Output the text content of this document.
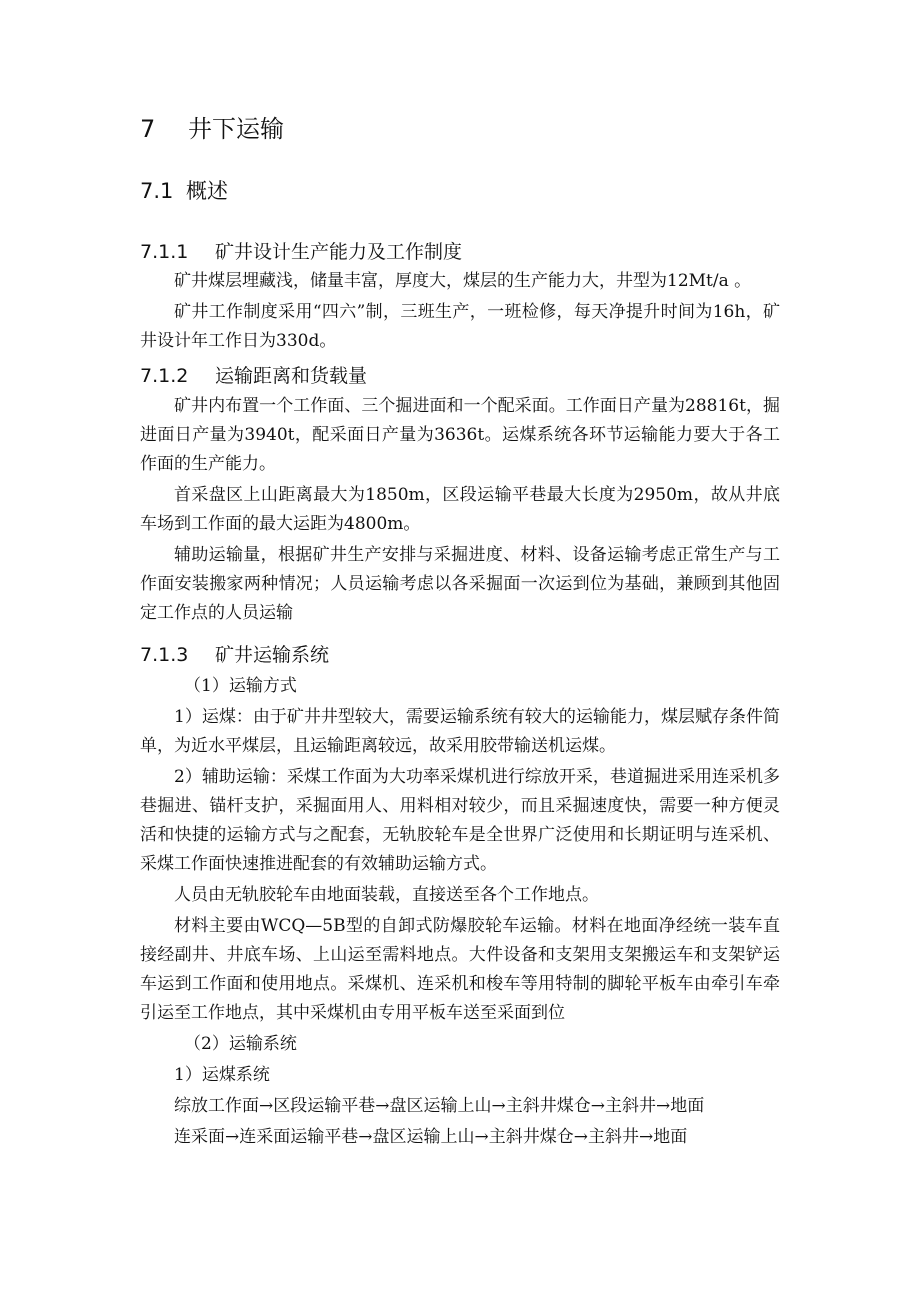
7 井下运输
7.1 概述
7.1.1 矿井设计生产能力及工作制度

矿井煤层埋藏浅，储量丰富，厚度大，煤层的生产能力大，井型为12Mt/a 。

矿井工作制度采用“四六”制，三班生产，一班检修，每天净提升时间为16h，矿井设计年工作日为330d。

7.1.2 运输距离和货载量

矿井内布置一个工作面、三个掘进面和一个配采面。工作面日产量为28816t，掘进面日产量为3940t，配采面日产量为3636t。运煤系统各环节运输能力要大于各工作面的生产能力。

首采盘区上山距离最大为1850m，区段运输平巷最大长度为2950m，故从井底车场到工作面的最大运距为4800m。

辅助运输量，根据矿井生产安排与采掘进度、材料、设备运输考虑正常生产与工作面安装搬家两种情况；人员运输考虑以各采掘面一次运到位为基础，兼顾到其他固定工作点的人员运输

7.1.3 矿井运输系统

（1）运输方式

1）运煤：由于矿井井型较大，需要运输系统有较大的运输能力，煤层赋存条件简单，为近水平煤层，且运输距离较远，故采用胶带输送机运煤。

2）辅助运输：采煤工作面为大功率采煤机进行综放开采，巷道掘进采用连采机多巷掘进、锚杆支护，采掘面用人、用料相对较少，而且采掘速度快，需要一种方便灵活和快捷的运输方式与之配套，无轨胶轮车是全世界广泛使用和长期证明与连采机、采煤工作面快速推进配套的有效辅助运输方式。

人员由无轨胶轮车由地面装载，直接送至各个工作地点。

材料主要由WCQ—5B型的自卸式防爆胶轮车运输。材料在地面净经统一装车直接经副井、井底车场、上山运至需料地点。大件设备和支架用支架搬运车和支架铲运车运到工作面和使用地点。采煤机、连采机和梭车等用特制的脚轮平板车由牵引车牵引运至工作地点，其中采煤机由专用平板车送至采面到位

（2）运输系统

1）运煤系统

综放工作面→区段运输平巷→盘区运输上山→主斜井煤仓→主斜井→地面

连采面→连采面运输平巷→盘区运输上山→主斜井煤仓→主斜井→地面
